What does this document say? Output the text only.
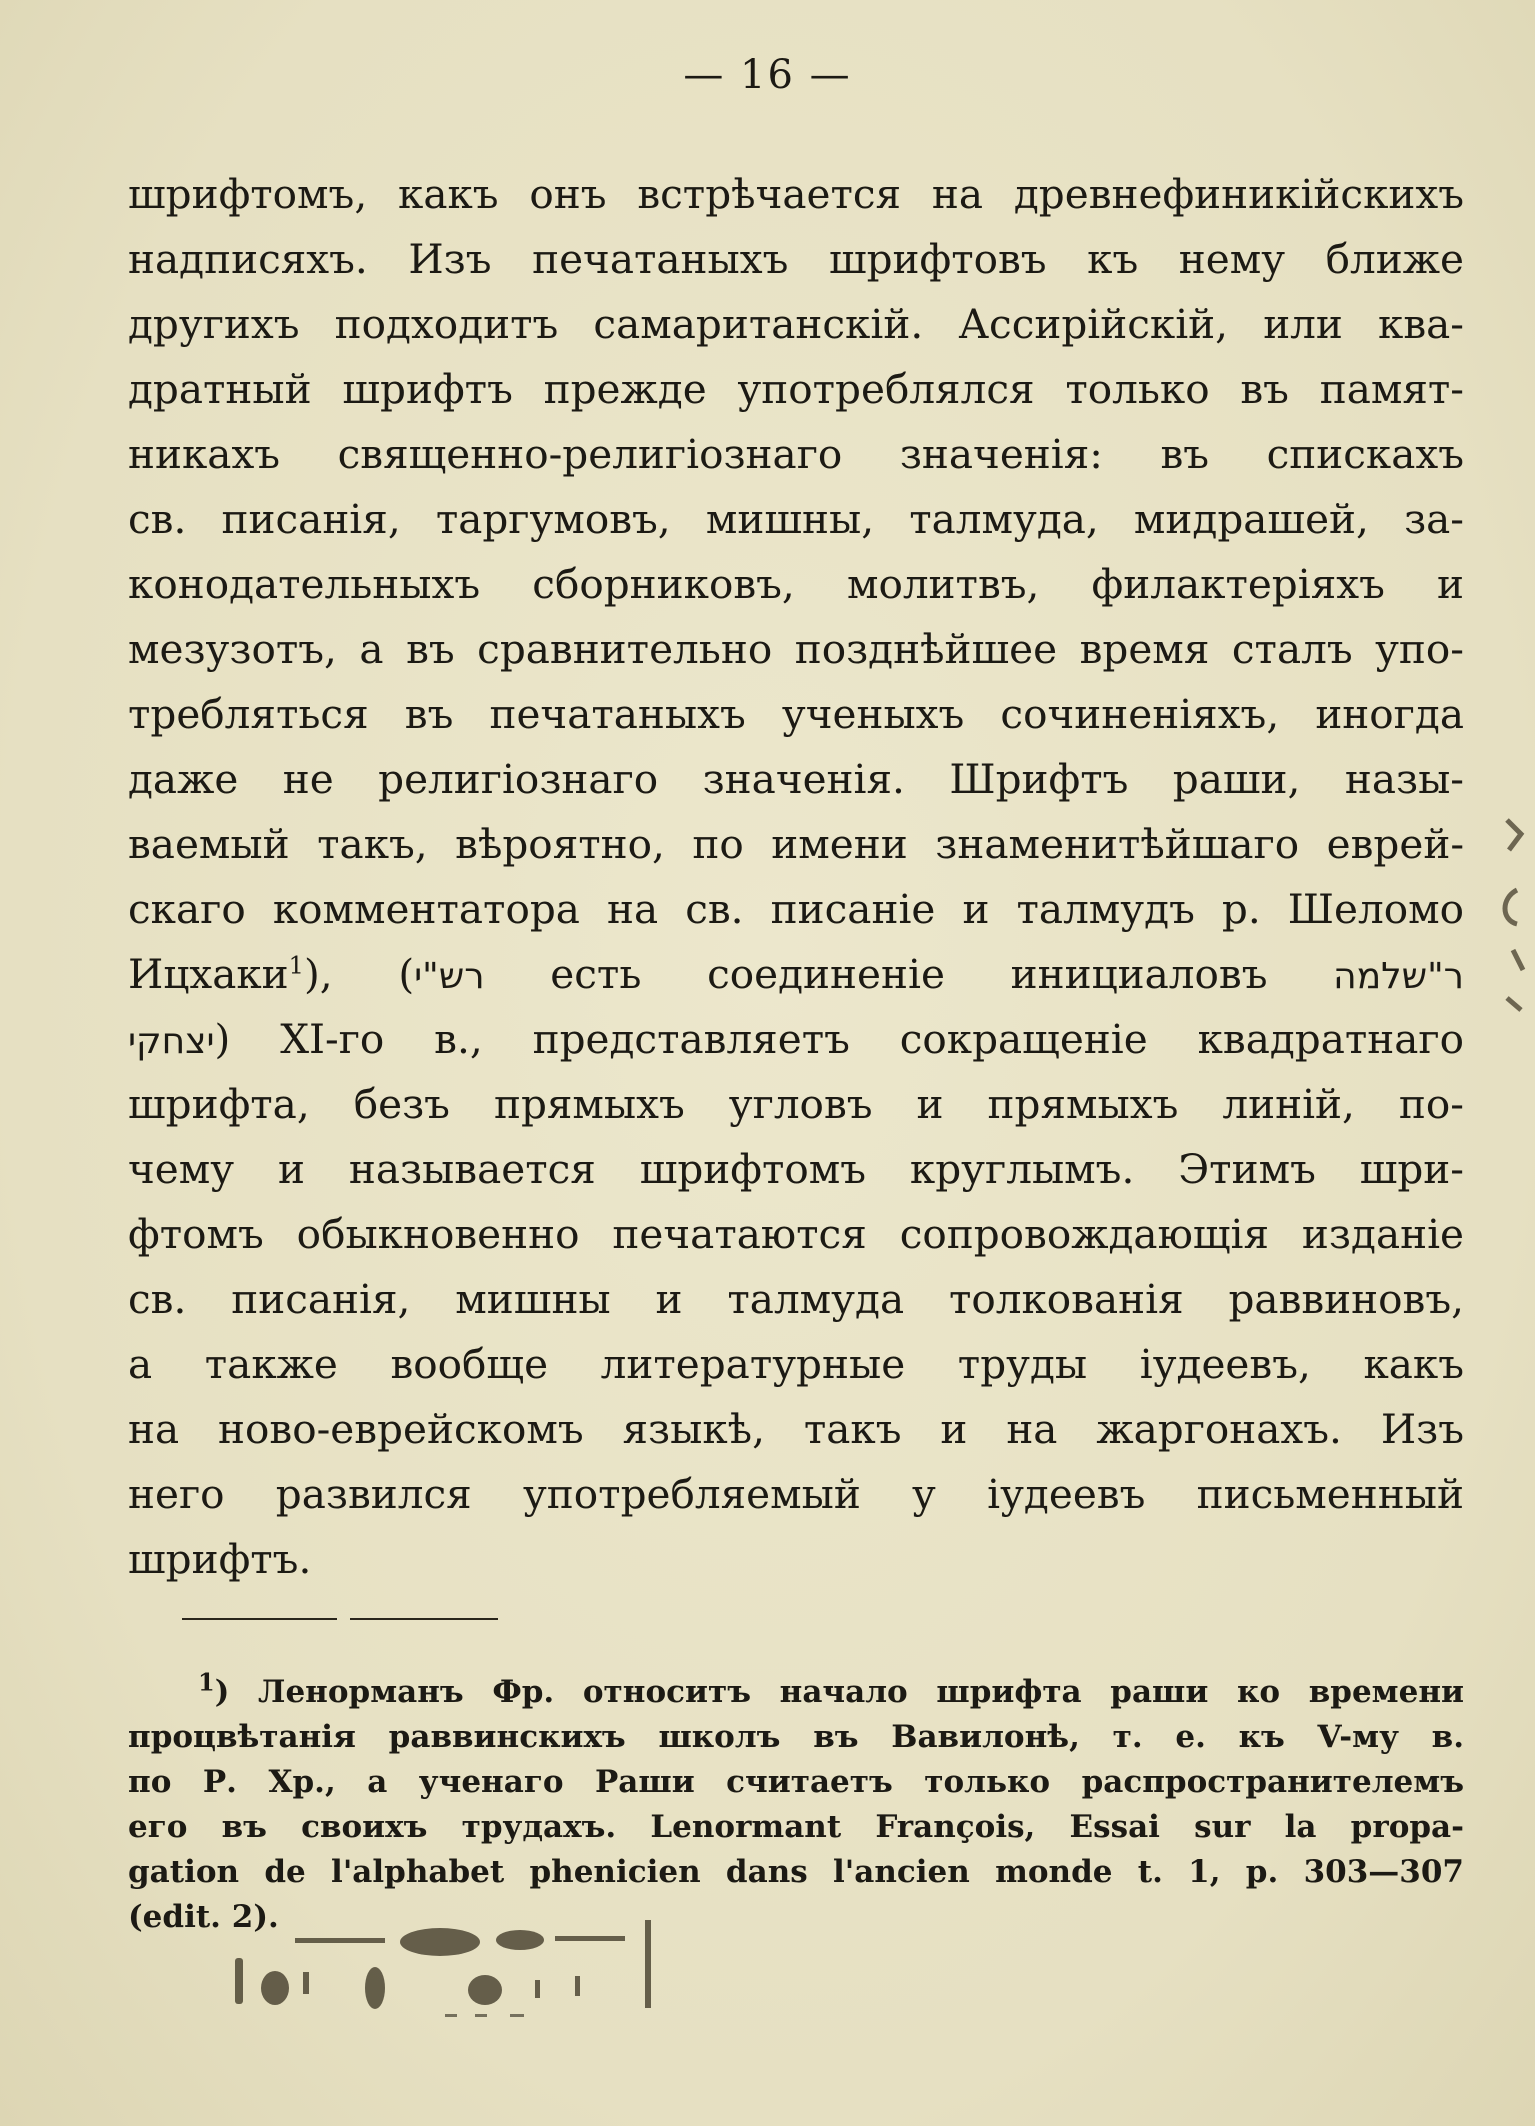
— 16 —
шрифтомъ, какъ онъ встрѣчается на древнефиникійскихъ
надписяхъ. Изъ печатаныхъ шрифтовъ къ нему ближе
другихъ подходитъ самаританскій. Ассирійскій, или ква-
дратный шрифтъ прежде употреблялся только въ памят-
никахъ священно-религіознаго значенія: въ спискахъ
св. писанія, таргумовъ, мишны, талмуда, мидрашей, за-
конодательныхъ сборниковъ, молитвъ, филактеріяхъ и
мезузотъ, а въ сравнительно позднѣйшее время сталъ упо-
требляться въ печатаныхъ ученыхъ сочиненіяхъ, иногда
даже не религіознаго значенія. Шрифтъ раши, назы-
ваемый такъ, вѣроятно, по имени знаменитѣйшаго еврей-
скаго комментатора на св. писаніе и талмудъ р. Шеломо
Ицхаки$^1$), (רש"י есть соединеніе инициаловъ ר"שלמה
יצחקי) XI-го в., представляетъ сокращеніе квадратнаго
шрифта, безъ прямыхъ угловъ и прямыхъ линій, по-
чему и называется шрифтомъ круглымъ. Этимъ шри-
фтомъ обыкновенно печатаются сопровождающія изданіе
св. писанія, мишны и талмуда толкованія раввиновъ,
а также вообще литературные труды іудеевъ, какъ
на ново-еврейскомъ языкѣ, такъ и на жаргонахъ. Изъ
него развился употребляемый у іудеевъ письменный
шрифтъ.
$^1$) Ленорманъ Фр. относитъ начало шрифта раши ко времени
процвѣтанія раввинскихъ школъ въ Вавилонѣ, т. е. къ V-му в.
по Р. Хр., а ученаго Раши считаетъ только распространителемъ
его въ своихъ трудахъ. Lenormant François, Essai sur la propa-
gation de l'alphabet phenicien dans l'ancien monde t. 1, p. 303—307
(edit. 2).
